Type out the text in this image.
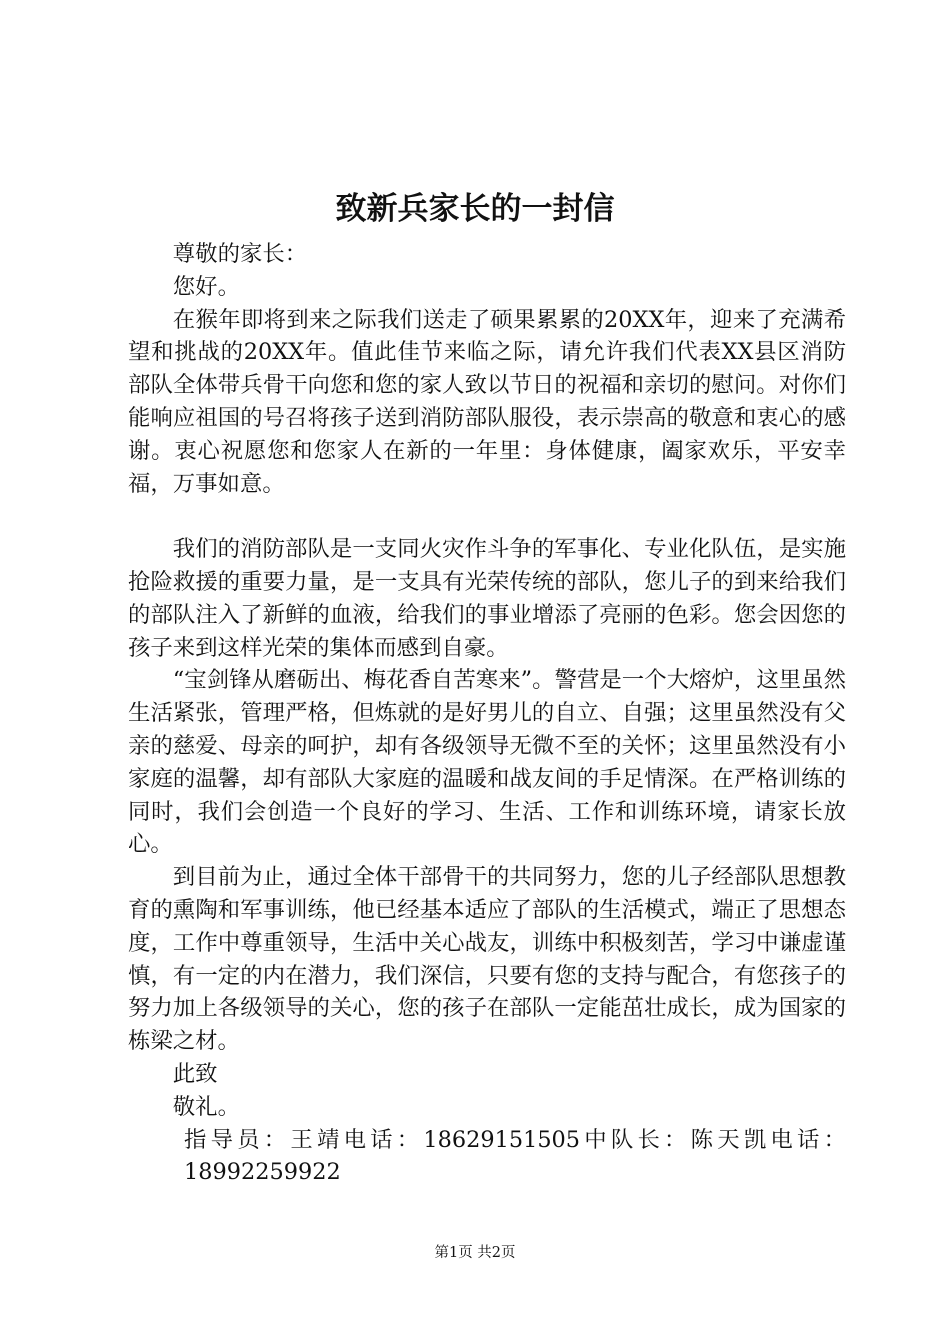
致新兵家长的一封信

尊敬的家长：

您好。

在猴年即将到来之际我们送走了硕果累累的20XX年，迎来了充满希望和挑战的20XX年。值此佳节来临之际，请允许我们代表XX县区消防部队全体带兵骨干向您和您的家人致以节日的祝福和亲切的慰问。对你们能响应祖国的号召将孩子送到消防部队服役，表示崇高的敬意和衷心的感谢。衷心祝愿您和您家人在新的一年里：身体健康，阖家欢乐，平安幸福，万事如意。

我们的消防部队是一支同火灾作斗争的军事化、专业化队伍，是实施抢险救援的重要力量，是一支具有光荣传统的部队，您儿子的到来给我们的部队注入了新鲜的血液，给我们的事业增添了亮丽的色彩。您会因您的孩子来到这样光荣的集体而感到自豪。

“宝剑锋从磨砺出、梅花香自苦寒来”。警营是一个大熔炉，这里虽然生活紧张，管理严格，但炼就的是好男儿的自立、自强；这里虽然没有父亲的慈爱、母亲的呵护，却有各级领导无微不至的关怀；这里虽然没有小家庭的温馨，却有部队大家庭的温暖和战友间的手足情深。在严格训练的同时，我们会创造一个良好的学习、生活、工作和训练环境，请家长放心。

到目前为止，通过全体干部骨干的共同努力，您的儿子经部队思想教育的熏陶和军事训练，他已经基本适应了部队的生活模式，端正了思想态度，工作中尊重领导，生活中关心战友，训练中积极刻苦，学习中谦虚谨慎，有一定的内在潜力，我们深信，只要有您的支持与配合，有您孩子的努力加上各级领导的关心，您的孩子在部队一定能茁壮成长，成为国家的栋梁之材。

此致

敬礼。

指导员：王靖电话：18629151505中队长：陈天凯电话：18992259922

第1页 共2页
